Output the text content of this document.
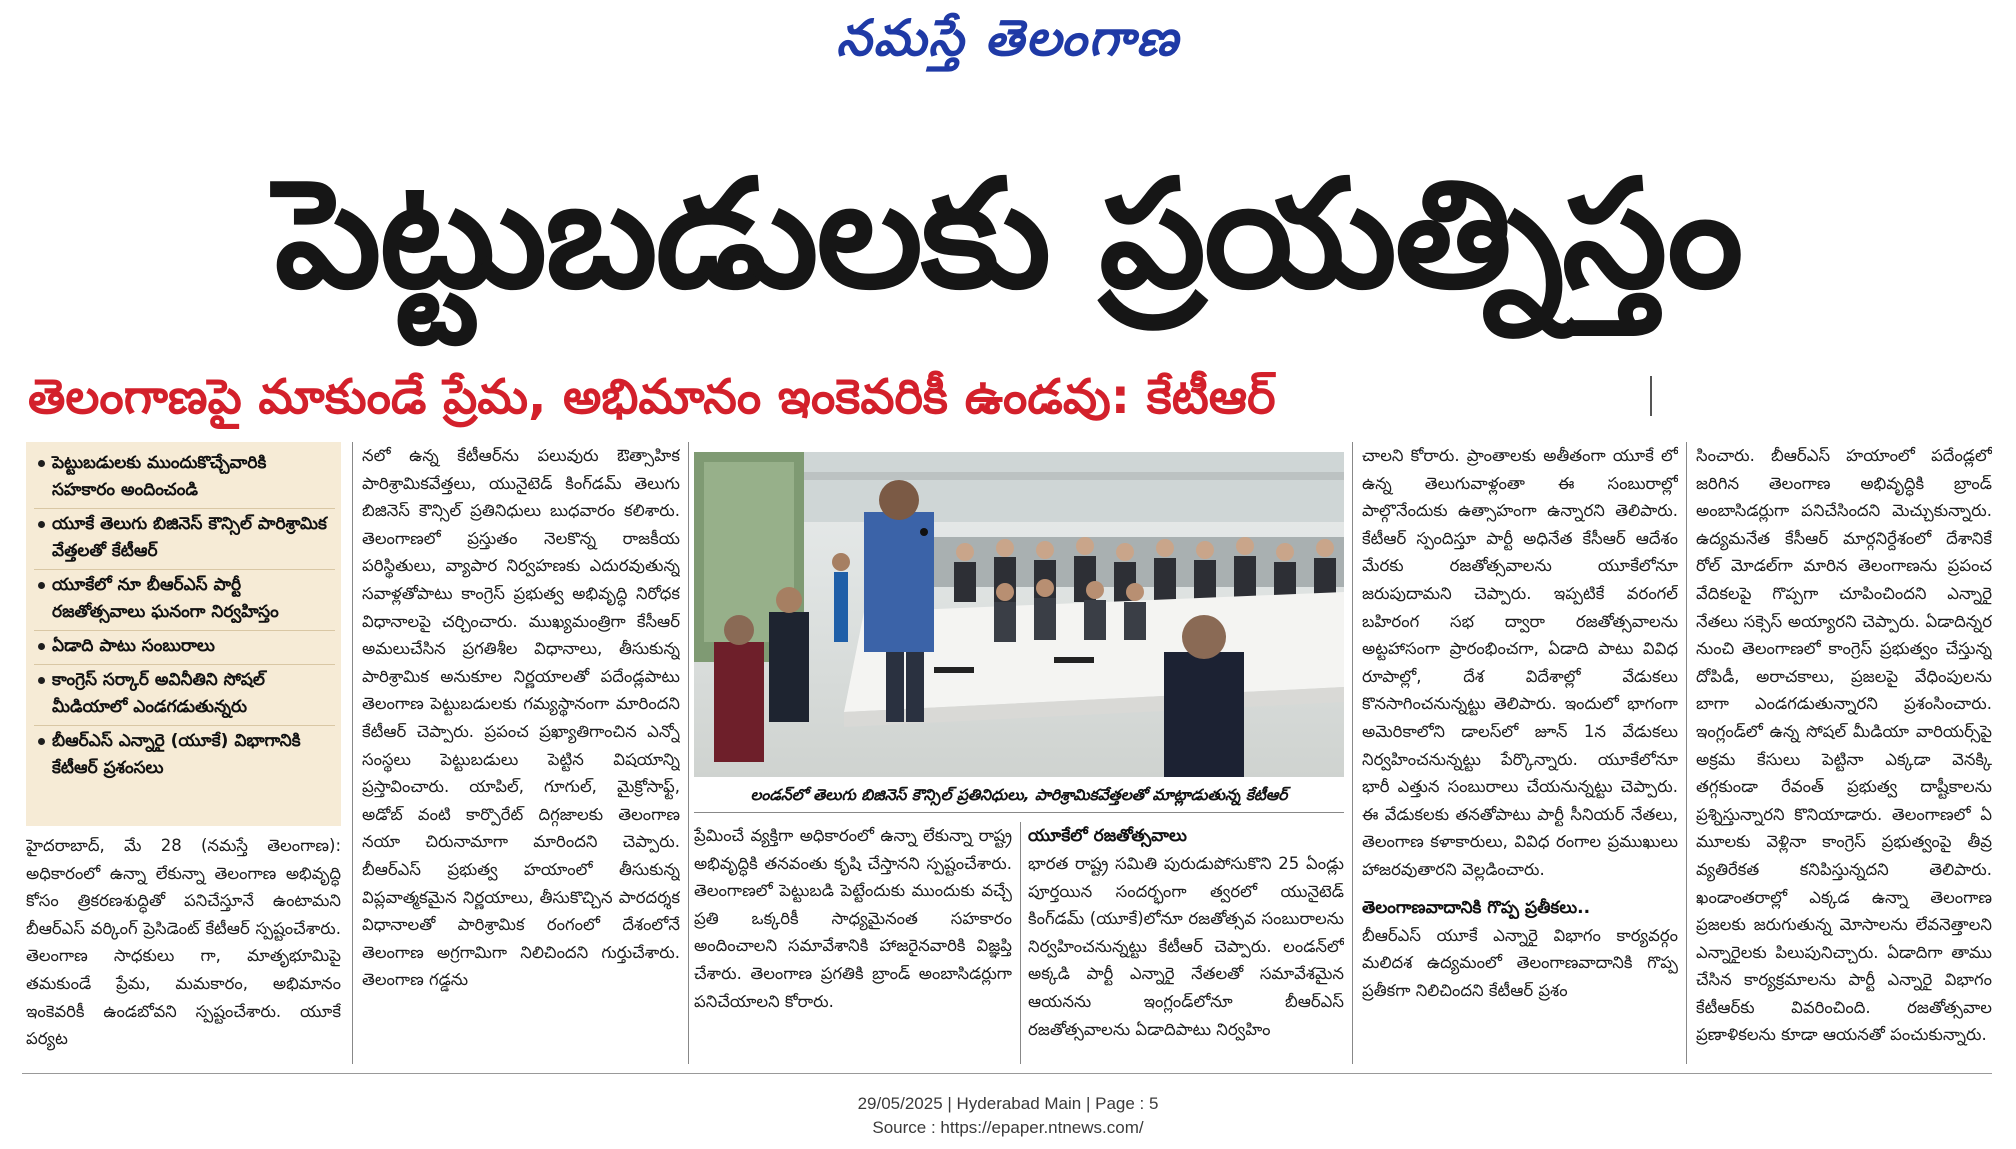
నమస్తే తెలంగాణ
పెట్టుబడులకు ప్రయత్నిస్తం
తెలంగాణపై మాకుండే ప్రేమ, అభిమానం ఇంకెవరికీ ఉండవు: కేటీఆర్
పెట్టుబడులకు ముందుకొచ్చేవారికి సహకారం అందించండి
యూకే తెలుగు బిజినెస్ కౌన్సిల్ పారిశ్రామిక వేత్తలతో కేటీఆర్
యూకేలో నూ బీఆర్ఎస్ పార్టీ రజతోత్సవాలు ఘనంగా నిర్వహిస్తం
ఏడాది పాటు సంబురాలు
కాంగ్రెస్ సర్కార్ అవినీతిని సోషల్ మీడియాలో ఎండగడుతున్నరు
బీఆర్ఎస్ ఎన్నారై (యూకే) విభాగానికి కేటీఆర్ ప్రశంసలు

హైదరాబాద్, మే 28 (నమస్తే తెలంగాణ): అధికారంలో ఉన్నా లేకున్నా తెలంగాణ అభివృద్ధి కోసం త్రికరణశుద్ధితో పనిచేస్తూనే ఉంటామని బీఆర్ఎస్ వర్కింగ్ ప్రెసిడెంట్ కేటీఆర్ స్పష్టంచేశారు. తెలంగాణ సాధకులు గా, మాతృభూమిపై తమకుండే ప్రేమ, మమకారం, అభిమానం ఇంకెవరికీ ఉండబోవని స్పష్టంచేశారు. యూకే పర్యట

నలో ఉన్న కేటీఆర్‌ను పలువురు ఔత్సాహిక పారిశ్రామికవేత్తలు, యునైటెడ్ కింగ్‌డమ్ తెలుగు బిజినెస్ కౌన్సిల్ ప్రతినిధులు బుధవారం కలిశారు. తెలంగాణలో ప్రస్తుతం నెలకొన్న రాజకీయ పరిస్థితులు, వ్యాపార నిర్వహణకు ఎదురవుతున్న సవాళ్లతోపాటు కాంగ్రెస్ ప్రభుత్వ అభివృద్ధి నిరోధక విధానాలపై చర్చించారు. ముఖ్యమంత్రిగా కేసీఆర్ అమలుచేసిన ప్రగతిశీల విధానాలు, తీసుకున్న పారిశ్రామిక అనుకూల నిర్ణయాలతో పదేండ్లపాటు తెలంగాణ పెట్టుబడులకు గమ్యస్థానంగా మారిందని కేటీఆర్ చెప్పారు. ప్రపంచ ప్రఖ్యాతిగాంచిన ఎన్నో సంస్థలు పెట్టుబడులు పెట్టిన విషయాన్ని ప్రస్తావించారు. యాపిల్, గూగుల్, మైక్రోసాఫ్ట్, అడోబ్ వంటి కార్పొరేట్ దిగ్గజాలకు తెలంగాణ నయా చిరునామాగా మారిందని చెప్పారు. బీఆర్ఎస్ ప్రభుత్వ హయాంలో తీసుకున్న విప్లవాత్మకమైన నిర్ణయాలు, తీసుకొచ్చిన పారదర్శక విధానాలతో పారిశ్రామిక రంగంలో దేశంలోనే తెలంగాణ అగ్రగామిగా నిలిచిందని గుర్తుచేశారు. తెలంగాణ గడ్డను

లండన్‌లో తెలుగు బిజినెస్ కౌన్సిల్ ప్రతినిధులు, పారిశ్రామికవేత్తలతో మాట్లాడుతున్న కేటీఆర్

ప్రేమించే వ్యక్తిగా అధికారంలో ఉన్నా లేకున్నా రాష్ట్ర అభివృద్ధికి తనవంతు కృషి చేస్తానని స్పష్టంచేశారు. తెలంగాణలో పెట్టుబడి పెట్టేందుకు ముందుకు వచ్చే ప్రతి ఒక్కరికీ సాధ్యమైనంత సహకారం అందించాలని సమావేశానికి హాజరైనవారికి విజ్ఞప్తి చేశారు. తెలంగాణ ప్రగతికి బ్రాండ్ అంబాసిడర్లుగా పనిచేయాలని కోరారు.

యూకేలో రజతోత్సవాలు

భారత రాష్ట్ర సమితి పురుడుపోసుకొని 25 ఏండ్లు పూర్తయిన సందర్భంగా త్వరలో యునైటెడ్ కింగ్‌డమ్ (యూకే)లోనూ రజతోత్సవ సంబురాలను నిర్వహించనున్నట్టు కేటీఆర్ చెప్పారు. లండన్‌లో అక్కడి పార్టీ ఎన్నారై నేతలతో సమావేశమైన ఆయనను ఇంగ్లండ్‌లోనూ బీఆర్ఎస్ రజతోత్సవాలను ఏడాదిపాటు నిర్వహిం

చాలని కోరారు. ప్రాంతాలకు అతీతంగా యూకే లో ఉన్న తెలుగువాళ్లంతా ఈ సంబురాల్లో పాల్గొనేందుకు ఉత్సాహంగా ఉన్నారని తెలిపారు. కేటీఆర్ స్పందిస్తూ పార్టీ అధినేత కేసీఆర్ ఆదేశం మేరకు రజతోత్సవాలను యూకేలోనూ జరుపుదామని చెప్పారు. ఇప్పటికే వరంగల్ బహిరంగ సభ ద్వారా రజతోత్సవాలను అట్టహాసంగా ప్రారంభించగా, ఏడాది పాటు వివిధ రూపాల్లో, దేశ విదేశాల్లో వేడుకలు కొనసాగించనున్నట్టు తెలిపారు. ఇందులో భాగంగా అమెరికాలోని డాలస్‌లో జూన్ 1న వేడుకలు నిర్వహించనున్నట్టు పేర్కొన్నారు. యూకేలోనూ భారీ ఎత్తున సంబురాలు చేయనున్నట్టు చెప్పారు. ఈ వేడుకలకు తనతోపాటు పార్టీ సీనియర్ నేతలు, తెలంగాణ కళాకారులు, వివిధ రంగాల ప్రముఖులు హాజరవుతారని వెల్లడించారు.

తెలంగాణవాదానికి గొప్ప ప్రతీకలు..

బీఆర్ఎస్ యూకే ఎన్నారై విభాగం కార్యవర్గం మలిదశ ఉద్యమంలో తెలంగాణవాదానికి గొప్ప ప్రతీకగా నిలిచిందని కేటీఆర్ ప్రశం

సించారు. బీఆర్ఎస్ హయాంలో పదేండ్లలో జరిగిన తెలంగాణ అభివృద్ధికి బ్రాండ్ అంబాసిడర్లుగా పనిచేసిందని మెచ్చుకున్నారు. ఉద్యమనేత కేసీఆర్ మార్గనిర్దేశంలో దేశానికే రోల్ మోడల్‌గా మారిన తెలంగాణను ప్రపంచ వేదికలపై గొప్పగా చూపించిందని ఎన్నారై నేతలు సక్సెస్ అయ్యారని చెప్పారు. ఏడాదిన్నర నుంచి తెలంగాణలో కాంగ్రెస్ ప్రభుత్వం చేస్తున్న దోపిడీ, అరాచకాలు, ప్రజలపై వేధింపులను బాగా ఎండగడుతున్నారని ప్రశంసించారు. ఇంగ్లండ్‌లో ఉన్న సోషల్ మీడియా వారియర్స్‌పై అక్రమ కేసులు పెట్టినా ఎక్కడా వెనక్కి తగ్గకుండా రేవంత్ ప్రభుత్వ దాష్టీకాలను ప్రశ్నిస్తున్నారని కొనియాడారు. తెలంగాణలో ఏ మూలకు వెళ్లినా కాంగ్రెస్ ప్రభుత్వంపై తీవ్ర వ్యతిరేకత కనిపిస్తున్నదని తెలిపారు. ఖండాంతరాల్లో ఎక్కడ ఉన్నా తెలంగాణ ప్రజలకు జరుగుతున్న మోసాలను లేవనెత్తాలని ఎన్నారైలకు పిలుపునిచ్చారు. ఏడాదిగా తాము చేసిన కార్యక్రమాలను పార్టీ ఎన్నారై విభాగం కేటీఆర్‌కు వివరించింది. రజతోత్సవాల ప్రణాళికలను కూడా ఆయనతో పంచుకున్నారు.

29/05/2025 | Hyderabad Main | Page : 5
Source : https://epaper.ntnews.com/
